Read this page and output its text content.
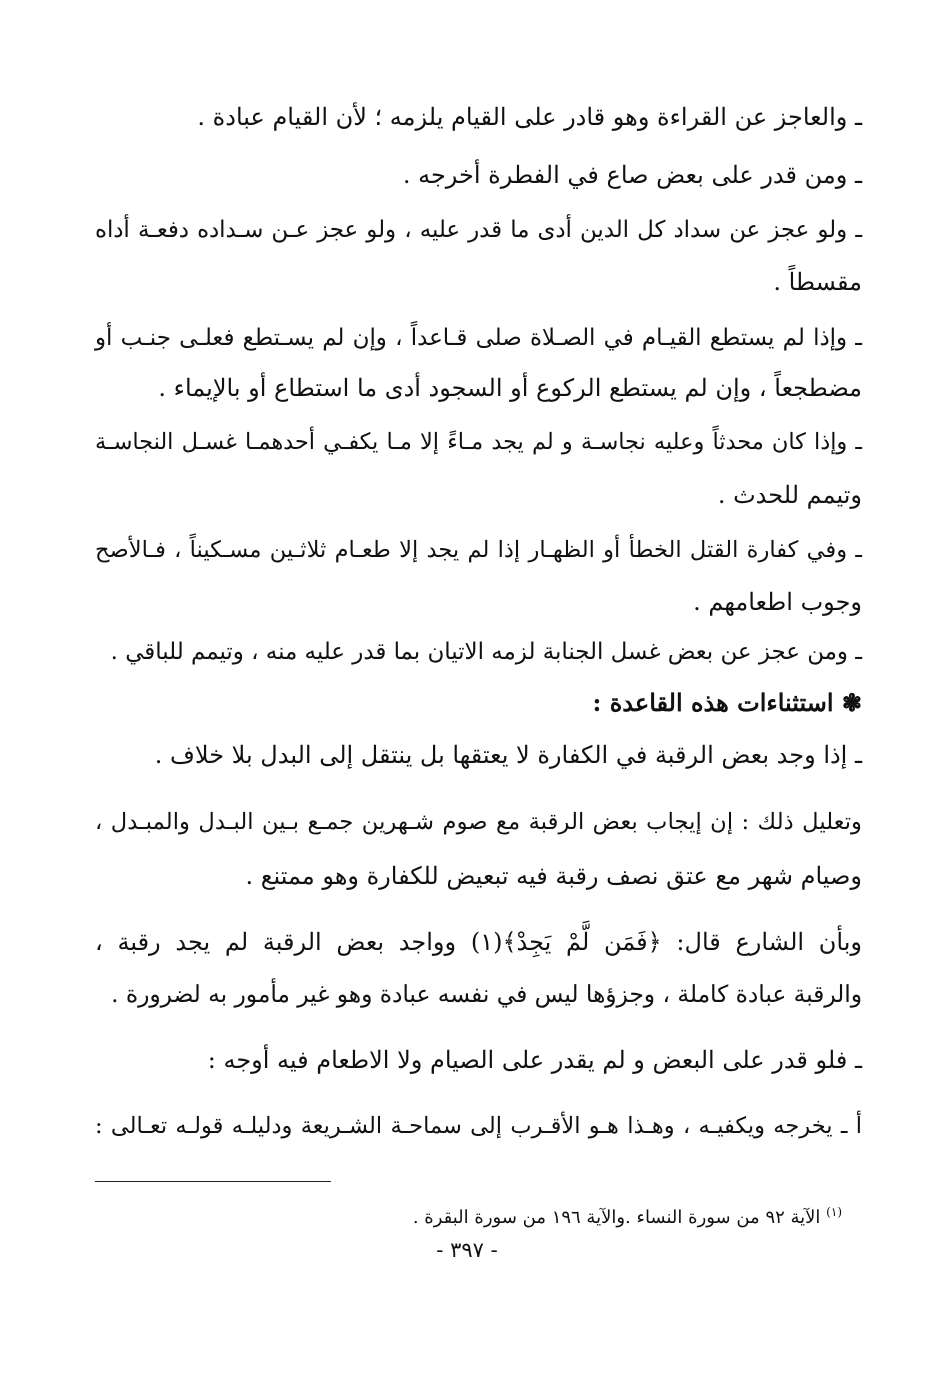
ـ والعاجز عن القراءة وهو قادر على القيام يلزمه ؛ لأن القيام عبادة .
ـ ومن قدر على بعض صاع في الفطرة أخرجه .
ـ ولو عجز عن سداد كل الدين أدى ما قدر عليه ، ولو عجز عـن سـداده دفعـة أداه
مقسطاً .
ـ وإذا لم يستطع القيـام في الصـلاة صلى قـاعداً ، وإن لم يسـتطع فعلـى جنـب أو
مضطجعاً ، وإن لم يستطع الركوع أو السجود أدى ما استطاع أو بالإيماء .
ـ وإذا كان محدثاً وعليه نجاسـة و لم يجد مـاءً إلا مـا يكفـي أحدهمـا غسـل النجاسـة
وتيمم للحدث .
ـ وفي كفارة القتل الخطأ أو الظهـار إذا لم يجد إلا طعـام ثلاثـين مسـكيناً ، فـالأصح
وجوب اطعامهم .
ـ ومن عجز عن بعض غسل الجنابة لزمه الاتيان بما قدر عليه منه ، وتيمم للباقي .
❃ استثناءات هذه القاعدة :
ـ إذا وجد بعض الرقبة في الكفارة لا يعتقها بل ينتقل إلى البدل بلا خلاف .
وتعليل ذلك : إن إيجاب بعض الرقبة مع صوم شـهرين جمـع بـين البـدل والمبـدل ،
وصيام شهر مع عتق نصف رقبة فيه تبعيض للكفارة وهو ممتنع .
وبأن الشارع قال: ﴿فَمَن لَّمْ يَجِدْ﴾(١) وواجد بعض الرقبة لم يجد رقبة ،
والرقبة عبادة كاملة ، وجزؤها ليس في نفسه عبادة وهو غير مأمور به لضرورة .
ـ فلو قدر على البعض و لم يقدر على الصيام ولا الاطعام فيه أوجه :
أ ـ يخرجه ويكفيـه ، وهـذا هـو الأقـرب إلى سماحـة الشـريعة ودليلـه قولـه تعـالى :
$^{(١)}$ الآية ٩٢ من سورة النساء .والآية ١٩٦ من سورة البقرة .
- ٣٩٧ -
